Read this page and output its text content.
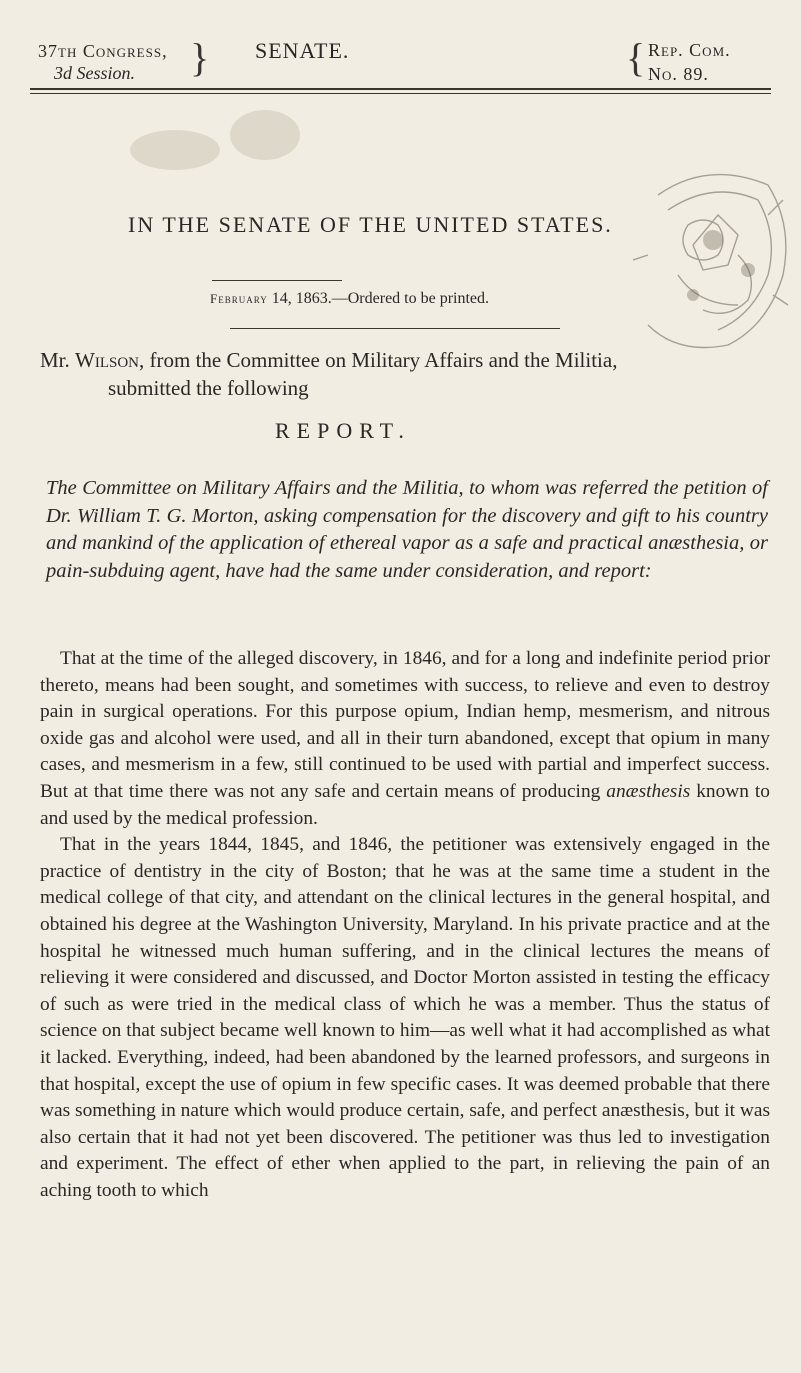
37th Congress,
3d Session.	} SENATE.	{ Rep. Com.
No. 89.
IN THE SENATE OF THE UNITED STATES.
February 14, 1863.—Ordered to be printed.
Mr. Wilson, from the Committee on Military Affairs and the Militia,
submitted the following
REPORT.
The Committee on Military Affairs and the Militia, to whom was referred the petition of Dr. William T. G. Morton, asking compensation for the discovery and gift to his country and mankind of the application of ethereal vapor as a safe and practical anæsthesia, or pain-subduing agent, have had the same under consideration, and report:

That at the time of the alleged discovery, in 1846, and for a long and indefinite period prior thereto, means had been sought, and sometimes with success, to relieve and even to destroy pain in surgical operations. For this purpose opium, Indian hemp, mesmerism, and nitrous oxide gas and alcohol were used, and all in their turn abandoned, except that opium in many cases, and mesmerism in a few, still continued to be used with partial and imperfect success. But at that time there was not any safe and certain means of producing anæsthesis known to and used by the medical profession.

That in the years 1844, 1845, and 1846, the petitioner was extensively engaged in the practice of dentistry in the city of Boston; that he was at the same time a student in the medical college of that city, and attendant on the clinical lectures in the general hospital, and obtained his degree at the Washington University, Maryland. In his private practice and at the hospital he witnessed much human suffering, and in the clinical lectures the means of relieving it were considered and discussed, and Doctor Morton assisted in testing the efficacy of such as were tried in the medical class of which he was a member. Thus the status of science on that subject became well known to him—as well what it had accomplished as what it lacked. Everything, indeed, had been abandoned by the learned professors, and surgeons in that hospital, except the use of opium in few specific cases. It was deemed probable that there was something in nature which would produce certain, safe, and perfect anæsthesis, but it was also certain that it had not yet been discovered. The petitioner was thus led to investigation and experiment. The effect of ether when applied to the part, in relieving the pain of an aching tooth to which
